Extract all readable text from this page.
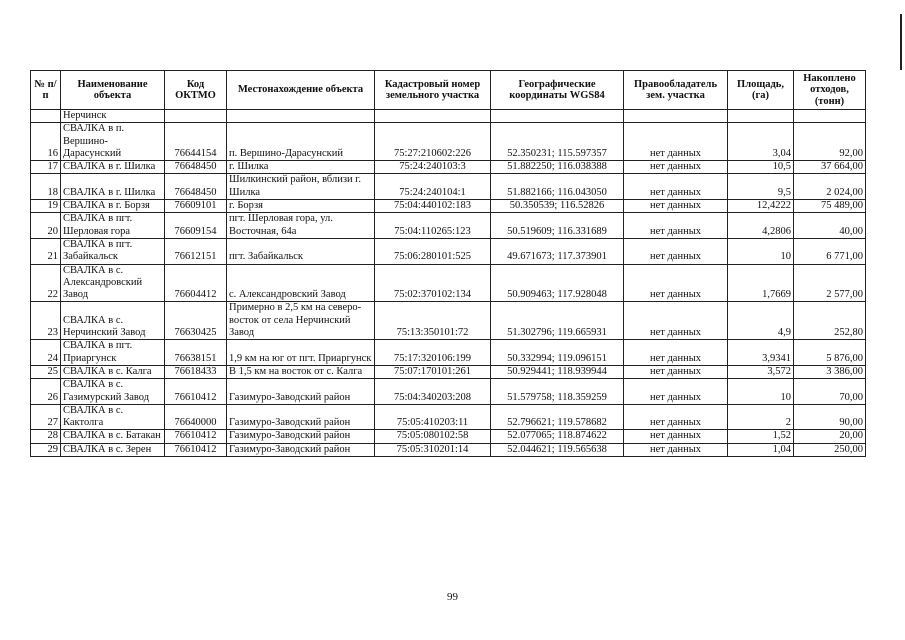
№ п/п	Наименование объекта	Код ОКТМО	Местонахождение объекта	Кадастровый номер земельного участка	Географические координаты WGS84	Правообладатель зем. участка	Площадь, (га)	Накоплено отходов, (тонн)
	Нерчинск							
16	СВАЛКА в п. Вершино-Дарасунский	76644154	п. Вершино-Дарасунский	75:27:210602:226	52.350231; 115.597357	нет данных	3,04	92,00
17	СВАЛКА в г. Шилка	76648450	г. Шилка	75:24:240103:3	51.882250; 116.038388	нет данных	10,5	37 664,00
18	СВАЛКА в г. Шилка	76648450	Шилкинский район, вблизи г. Шилка	75:24:240104:1	51.882166; 116.043050	нет данных	9,5	2 024,00
19	СВАЛКА в г. Борзя	76609101	г. Борзя	75:04:440102:183	50.350539; 116.52826	нет данных	12,4222	75 489,00
20	СВАЛКА в пгт. Шерловая гора	76609154	пгт. Шерловая гора, ул. Восточная, 64а	75:04:110265:123	50.519609; 116.331689	нет данных	4,2806	40,00
21	СВАЛКА в пгт. Забайкальск	76612151	пгт. Забайкальск	75:06:280101:525	49.671673; 117.373901	нет данных	10	6 771,00
22	СВАЛКА в с. Александровский Завод	76604412	с. Александровский Завод	75:02:370102:134	50.909463; 117.928048	нет данных	1,7669	2 577,00
23	СВАЛКА в с. Нерчинский Завод	76630425	Примерно в 2,5 км на северо-восток от села Нерчинский Завод	75:13:350101:72	51.302796; 119.665931	нет данных	4,9	252,80
24	СВАЛКА в пгт. Приаргунск	76638151	1,9 км на юг от пгт. Приаргунск	75:17:320106:199	50.332994; 119.096151	нет данных	3,9341	5 876,00
25	СВАЛКА в с. Калга	76618433	В 1,5 км на восток от с. Калга	75:07:170101:261	50.929441; 118.939944	нет данных	3,572	3 386,00
26	СВАЛКА в с. Газимурский Завод	76610412	Газимуро-Заводский район	75:04:340203:208	51.579758; 118.359259	нет данных	10	70,00
27	СВАЛКА в с. Кактолга	76640000	Газимуро-Заводский район	75:05:410203:11	52.796621; 119.578682	нет данных	2	90,00
28	СВАЛКА в с. Батакан	76610412	Газимуро-Заводский район	75:05:080102:58	52.077065; 118.874622	нет данных	1,52	20,00
29	СВАЛКА в с. Зерен	76610412	Газимуро-Заводский район	75:05:310201:14	52.044621; 119.565638	нет данных	1,04	250,00
99
